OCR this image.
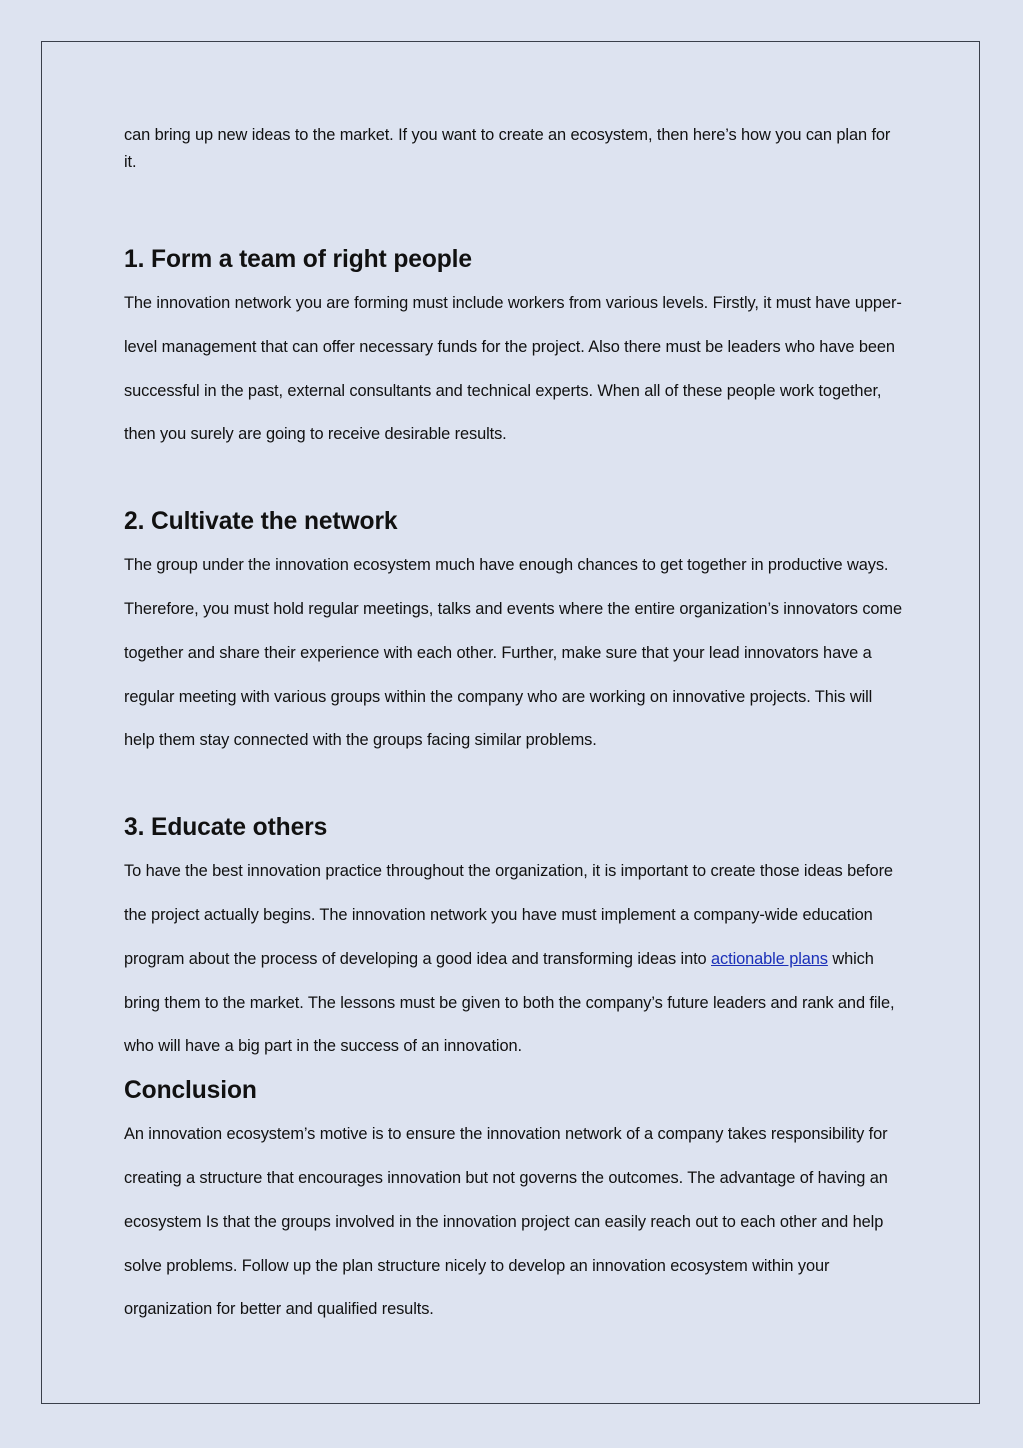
can bring up new ideas to the market. If you want to create an ecosystem, then here’s how you can plan for it.

1. Form a team of right people

The innovation network you are forming must include workers from various levels. Firstly, it must have upper-level management that can offer necessary funds for the project. Also there must be leaders who have been successful in the past, external consultants and technical experts. When all of these people work together, then you surely are going to receive desirable results.

2. Cultivate the network

The group under the innovation ecosystem much have enough chances to get together in productive ways. Therefore, you must hold regular meetings, talks and events where the entire organization’s innovators come together and share their experience with each other. Further, make sure that your lead innovators have a regular meeting with various groups within the company who are working on innovative projects. This will help them stay connected with the groups facing similar problems.

3. Educate others

To have the best innovation practice throughout the organization, it is important to create those ideas before the project actually begins. The innovation network you have must implement a company-wide education program about the process of developing a good idea and transforming ideas into actionable plans which bring them to the market. The lessons must be given to both the company’s future leaders and rank and file, who will have a big part in the success of an innovation.

Conclusion

An innovation ecosystem’s motive is to ensure the innovation network of a company takes responsibility for creating a structure that encourages innovation but not governs the outcomes. The advantage of having an ecosystem Is that the groups involved in the innovation project can easily reach out to each other and help solve problems. Follow up the plan structure nicely to develop an innovation ecosystem within your organization for better and qualified results.
